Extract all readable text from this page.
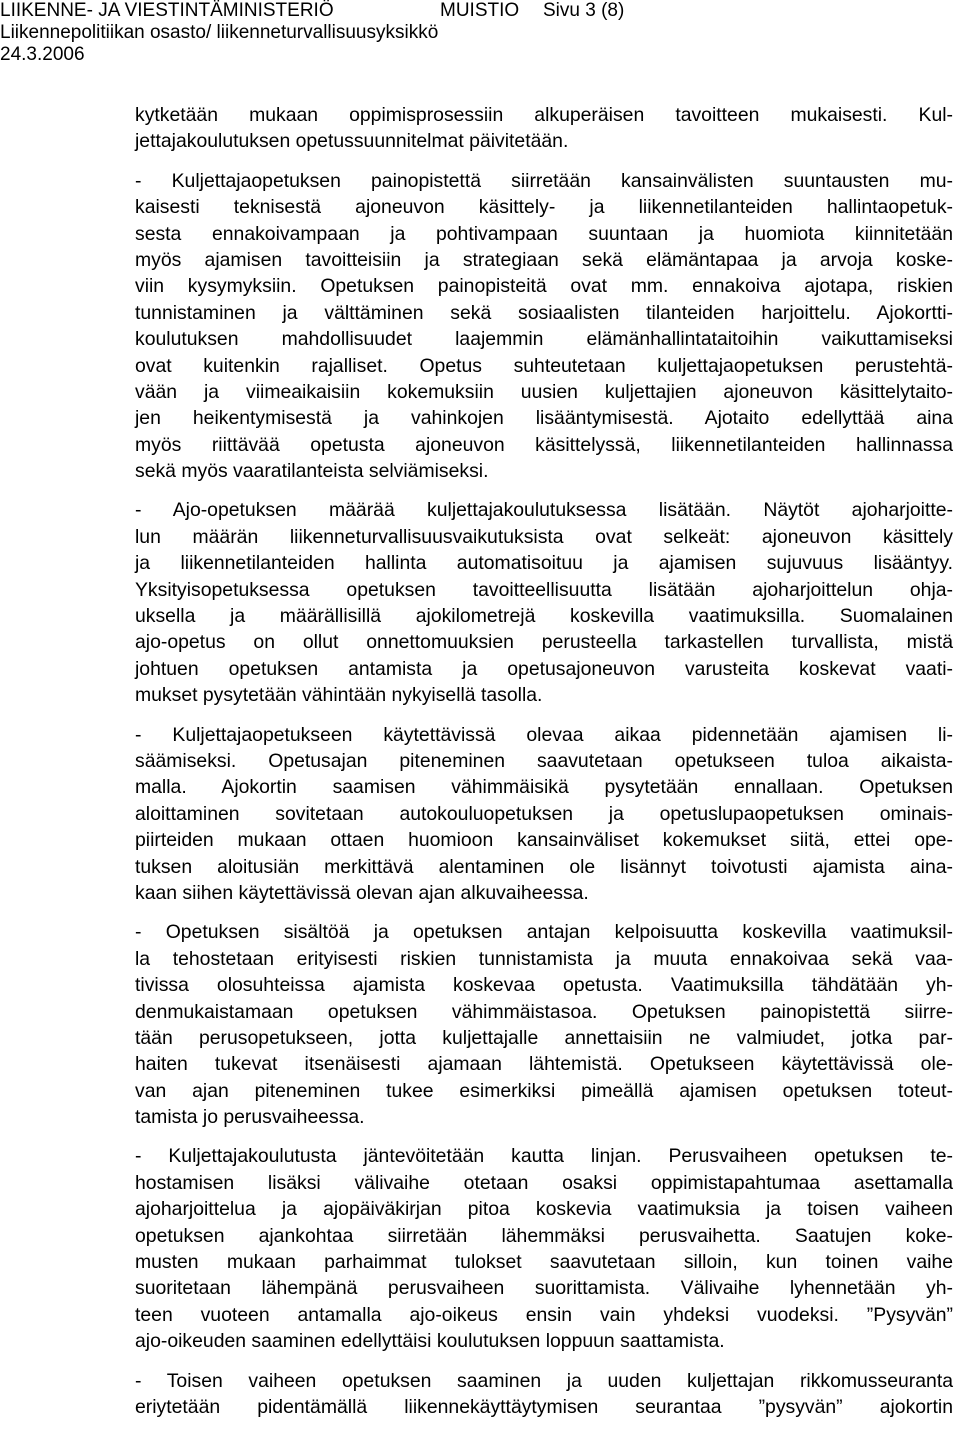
LIIKENNE- JA VIESTINTÄMINISTERIÖ	MUISTIO Sivu 3 (8)
Liikennepolitiikan osasto/ liikenneturvallisuusyksikkö
24.3.2006
kytketään mukaan oppimisprosessiin alkuperäisen tavoitteen mukaisesti. Kul-
jettajakoulutuksen opetussuunnitelmat päivitetään.
- Kuljettajaopetuksen painopistettä siirretään kansainvälisten suuntausten mu-
kaisesti teknisestä ajoneuvon käsittely- ja liikennetilanteiden hallintaopetuk-
sesta ennakoivampaan ja pohtivampaan suuntaan ja huomiota kiinnitetään
myös ajamisen tavoitteisiin ja strategiaan sekä elämäntapaa ja arvoja koske-
viin kysymyksiin. Opetuksen painopisteitä ovat mm. ennakoiva ajotapa, riskien
tunnistaminen ja välttäminen sekä sosiaalisten tilanteiden harjoittelu. Ajokortti-
koulutuksen mahdollisuudet laajemmin elämänhallintataitoihin vaikuttamiseksi
ovat kuitenkin rajalliset. Opetus suhteutetaan kuljettajaopetuksen perustehtä-
vään ja viimeaikaisiin kokemuksiin uusien kuljettajien ajoneuvon käsittelytaito-
jen heikentymisestä ja vahinkojen lisääntymisestä. Ajotaito edellyttää aina
myös riittävää opetusta ajoneuvon käsittelyssä, liikennetilanteiden hallinnassa
sekä myös vaaratilanteista selviämiseksi.
- Ajo-opetuksen määrää kuljettajakoulutuksessa lisätään. Näytöt ajoharjoitte-
lun määrän liikenneturvallisuusvaikutuksista ovat selkeät: ajoneuvon käsittely
ja liikennetilanteiden hallinta automatisoituu ja ajamisen sujuvuus lisääntyy.
Yksityisopetuksessa opetuksen tavoitteellisuutta lisätään ajoharjoittelun ohja-
uksella ja määrällisillä ajokilometrejä koskevilla vaatimuksilla. Suomalainen
ajo-opetus on ollut onnettomuuksien perusteella tarkastellen turvallista, mistä
johtuen opetuksen antamista ja opetusajoneuvon varusteita koskevat vaati-
mukset pysytetään vähintään nykyisellä tasolla.
- Kuljettajaopetukseen käytettävissä olevaa aikaa pidennetään ajamisen li-
säämiseksi. Opetusajan piteneminen saavutetaan opetukseen tuloa aikaista-
malla. Ajokortin saamisen vähimmäisikä pysytetään ennallaan. Opetuksen
aloittaminen sovitetaan autokouluopetuksen ja opetuslupaopetuksen ominais-
piirteiden mukaan ottaen huomioon kansainväliset kokemukset siitä, ettei ope-
tuksen aloitusiän merkittävä alentaminen ole lisännyt toivotusti ajamista aina-
kaan siihen käytettävissä olevan ajan alkuvaiheessa.
- Opetuksen sisältöä ja opetuksen antajan kelpoisuutta koskevilla vaatimuksil-
la tehostetaan erityisesti riskien tunnistamista ja muuta ennakoivaa sekä vaa-
tivissa olosuhteissa ajamista koskevaa opetusta. Vaatimuksilla tähdätään yh-
denmukaistamaan opetuksen vähimmäistasoa. Opetuksen painopistettä siirre-
tään perusopetukseen, jotta kuljettajalle annettaisiin ne valmiudet, jotka par-
haiten tukevat itsenäisesti ajamaan lähtemistä. Opetukseen käytettävissä ole-
van ajan piteneminen tukee esimerkiksi pimeällä ajamisen opetuksen toteut-
tamista jo perusvaiheessa.
- Kuljettajakoulutusta jäntevöitetään kautta linjan. Perusvaiheen opetuksen te-
hostamisen lisäksi välivaihe otetaan osaksi oppimistapahtumaa asettamalla
ajoharjoittelua ja ajopäiväkirjan pitoa koskevia vaatimuksia ja toisen vaiheen
opetuksen ajankohtaa siirretään lähemmäksi perusvaihetta. Saatujen koke-
musten mukaan parhaimmat tulokset saavutetaan silloin, kun toinen vaihe
suoritetaan lähempänä perusvaiheen suorittamista. Välivaihe lyhennetään yh-
teen vuoteen antamalla ajo-oikeus ensin vain yhdeksi vuodeksi. ”Pysyvän”
ajo-oikeuden saaminen edellyttäisi koulutuksen loppuun saattamista.
- Toisen vaiheen opetuksen saaminen ja uuden kuljettajan rikkomusseuranta
eriytetään pidentämällä liikennekäyttäytymisen seurantaa ”pysyvän” ajokortin
